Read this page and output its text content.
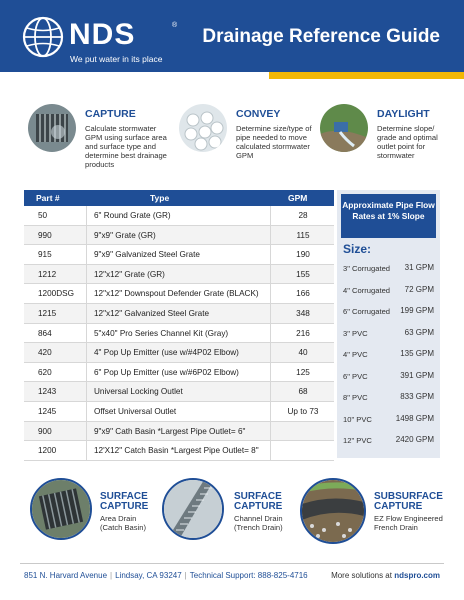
NDS	®
We put water in its place
Drainage Reference Guide
CAPTURE
Calculate stormwater GPM using surface area and surface type and determine best drainage products
CONVEY
Determine size/type of pipe needed to move calculated stormwater GPM
DAYLIGHT
Determine slope/ grade and optimal outlet point for stormwater
Part #	Type	GPM
50	6" Round Grate (GR)	28
990	9"x9" Grate (GR)	115
915	9"x9" Galvanized Steel Grate	190
1212	12"x12" Grate (GR)	155
1200DSG 12"x12" Downspout Defender Grate (BLACK)	166
1215	12"x12" Galvanized Steel Grate	348
864	5"x40" Pro Series Channel Kit (Gray)	216
420	4" Pop Up Emitter (use w/#4P02 Elbow)	40
620	6" Pop Up Emitter (use w/#6P02 Elbow)	125
1243	Universal Locking Outlet	68
1245	Offset Universal Outlet	Up to 73
900	9"x9" Cath Basin *Largest Pipe Outlet= 6"
1200	12'X12" Catch Basin *Largest Pipe Outlet= 8"
Approximate Pipe Flow Rates at 1% Slope
Size:
3" Corrugated 31 GPM
4" Corrugated 72 GPM
6" Corrugated 199 GPM
3" PVC	63 GPM
4" PVC	135 GPM
6" PVC	391 GPM
8" PVC	833 GPM
10" PVC	1498 GPM
12" PVC	2420 GPM
SURFACE
CAPTURE
Area Drain
(Catch Basin)
SURFACE
CAPTURE
Channel Drain
(Trench Drain)
SUBSURFACE
CAPTURE
EZ Flow Engineered
French Drain
851 N. Harvard Avenue | Lindsay, CA 93247 | Technical Support: 888-825-4716	More solutions at ndspro.com
